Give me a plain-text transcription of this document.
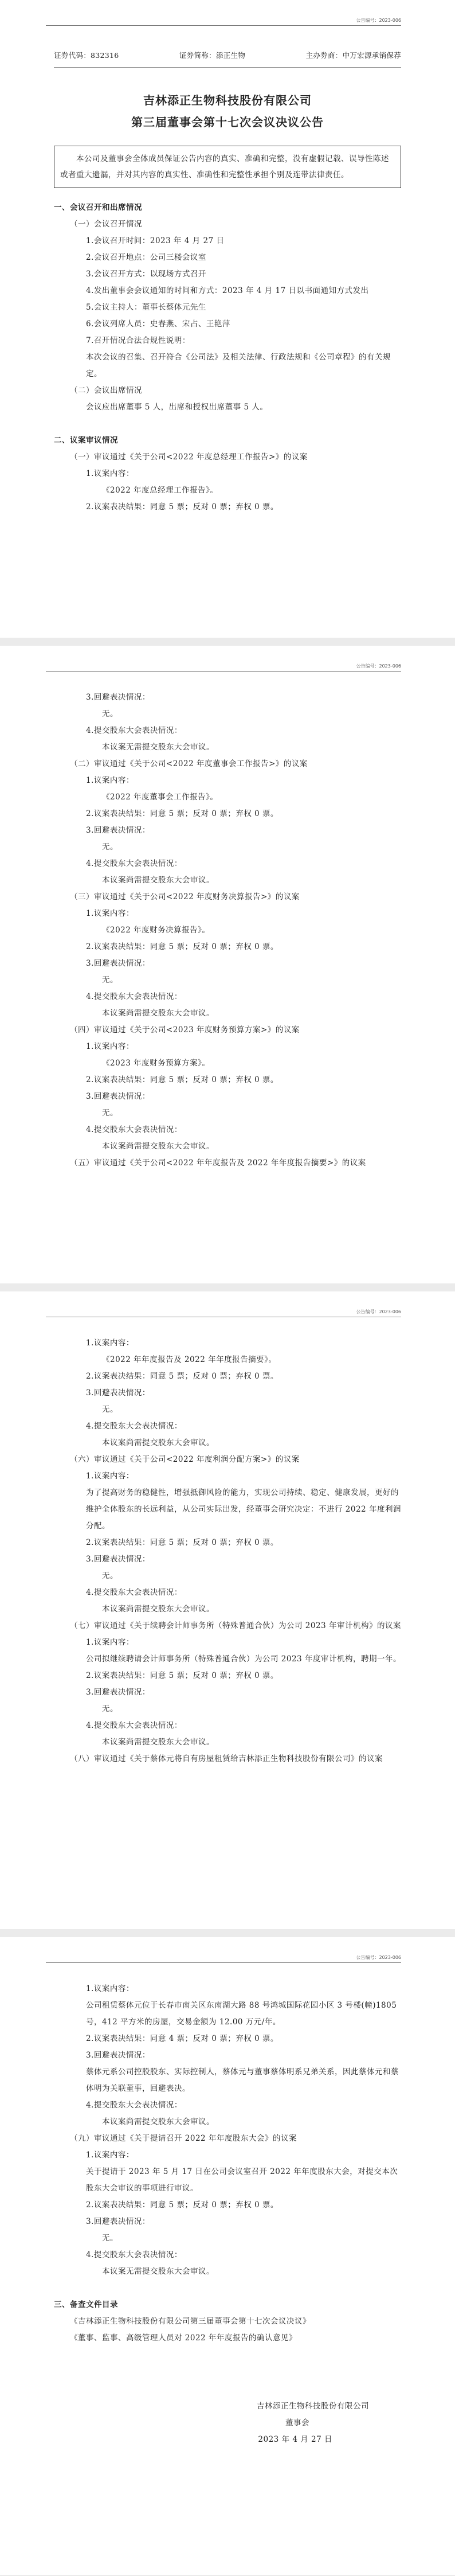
公告编号：2023-006
证券代码：832316	证券简称：添正生物	主办券商：中万宏源承销保荐
吉林添正生物科技股份有限公司
第三届董事会第十七次会议决议公告
本公司及董事会全体成员保证公告内容的真实、准确和完整，没有虚假记载、误导性陈述或者重大遗漏，并对其内容的真实性、准确性和完整性承担个别及连带法律责任。

一、会议召开和出席情况

（一）会议召开情况

1.会议召开时间：2023 年 4 月 27 日

2.会议召开地点：公司三楼会议室

3.会议召开方式：以现场方式召开

4.发出董事会会议通知的时间和方式：2023 年 4 月 17 日以书面通知方式发出

5.会议主持人：董事长蔡体元先生

6.会议列席人员：史春燕、宋占、王艳萍

7.召开情况合法合规性说明：

本次会议的召集、召开符合《公司法》及相关法律、行政法规和《公司章程》的有关规定。

（二）会议出席情况

会议应出席董事 5 人，出席和授权出席董事 5 人。

二、议案审议情况

（一）审议通过《关于公司<2022 年度总经理工作报告>》的议案

1.议案内容：

《2022 年度总经理工作报告》。

2.议案表决结果：同意 5 票；反对 0 票；弃权 0 票。

公告编号：2023-006

3.回避表决情况：

无。

4.提交股东大会表决情况：

本议案无需提交股东大会审议。

（二）审议通过《关于公司<2022 年度董事会工作报告>》的议案

1.议案内容：

《2022 年度董事会工作报告》。

2.议案表决结果：同意 5 票；反对 0 票；弃权 0 票。

3.回避表决情况：

无。

4.提交股东大会表决情况：

本议案尚需提交股东大会审议。

（三）审议通过《关于公司<2022 年度财务决算报告>》的议案

1.议案内容：

《2022 年度财务决算报告》。

2.议案表决结果：同意 5 票；反对 0 票；弃权 0 票。

3.回避表决情况：

无。

4.提交股东大会表决情况：

本议案尚需提交股东大会审议。

（四）审议通过《关于公司<2023 年度财务预算方案>》的议案

1.议案内容：

《2023 年度财务预算方案》。

2.议案表决结果：同意 5 票；反对 0 票；弃权 0 票。

3.回避表决情况：

无。

4.提交股东大会表决情况：

本议案尚需提交股东大会审议。

（五）审议通过《关于公司<2022 年年度报告及 2022 年年度报告摘要>》的议案

公告编号：2023-006

1.议案内容：

《2022 年年度报告及 2022 年年度报告摘要》。

2.议案表决结果：同意 5 票；反对 0 票；弃权 0 票。

3.回避表决情况：

无。

4.提交股东大会表决情况：

本议案尚需提交股东大会审议。

（六）审议通过《关于公司<2022 年度利润分配方案>》的议案

1.议案内容：

为了提高财务的稳健性，增强抵御风险的能力，实现公司持续、稳定、健康发展，更好的维护全体股东的长远利益，从公司实际出发，经董事会研究决定：不进行 2022 年度利润分配。

2.议案表决结果：同意 5 票；反对 0 票；弃权 0 票。

3.回避表决情况：

无。

4.提交股东大会表决情况：

本议案尚需提交股东大会审议。

（七）审议通过《关于续聘会计师事务所（特殊普通合伙）为公司 2023 年审计机构》的议案

1.议案内容：

公司拟继续聘请会计师事务所（特殊普通合伙）为公司 2023 年度审计机构，聘期一年。

2.议案表决结果：同意 5 票；反对 0 票；弃权 0 票。

3.回避表决情况：

无。

4.提交股东大会表决情况：

本议案尚需提交股东大会审议。

（八）审议通过《关于蔡体元将自有房屋租赁给吉林添正生物科技股份有限公司》的议案

公告编号：2023-006

1.议案内容：

公司租赁蔡体元位于长春市南关区东南湖大路 88 号鸿城国际花园小区 3 号楼(幢)1805 号，412 平方米的房屋，交易金额为 12.00 万元/年。

2.议案表决结果：同意 4 票；反对 0 票；弃权 0 票。

3.回避表决情况：

蔡体元系公司控股股东、实际控制人，蔡体元与董事蔡体明系兄弟关系，因此蔡体元和蔡体明为关联董事，回避表决。

4.提交股东大会表决情况：

本议案尚需提交股东大会审议。

（九）审议通过《关于提请召开 2022 年年度股东大会》的议案

1.议案内容：

关于提请于 2023 年 5 月 17 日在公司会议室召开 2022 年年度股东大会，对提交本次股东大会审议的事项进行审议。

2.议案表决结果：同意 5 票；反对 0 票；弃权 0 票。

3.回避表决情况：

无。

4.提交股东大会表决情况：

本议案无需提交股东大会审议。

三、备查文件目录

《吉林添正生物科技股份有限公司第三届董事会第十七次会议决议》

《董事、监事、高级管理人员对 2022 年年度报告的确认意见》

吉林添正生物科技股份有限公司

董事会

2023 年 4 月 27 日
